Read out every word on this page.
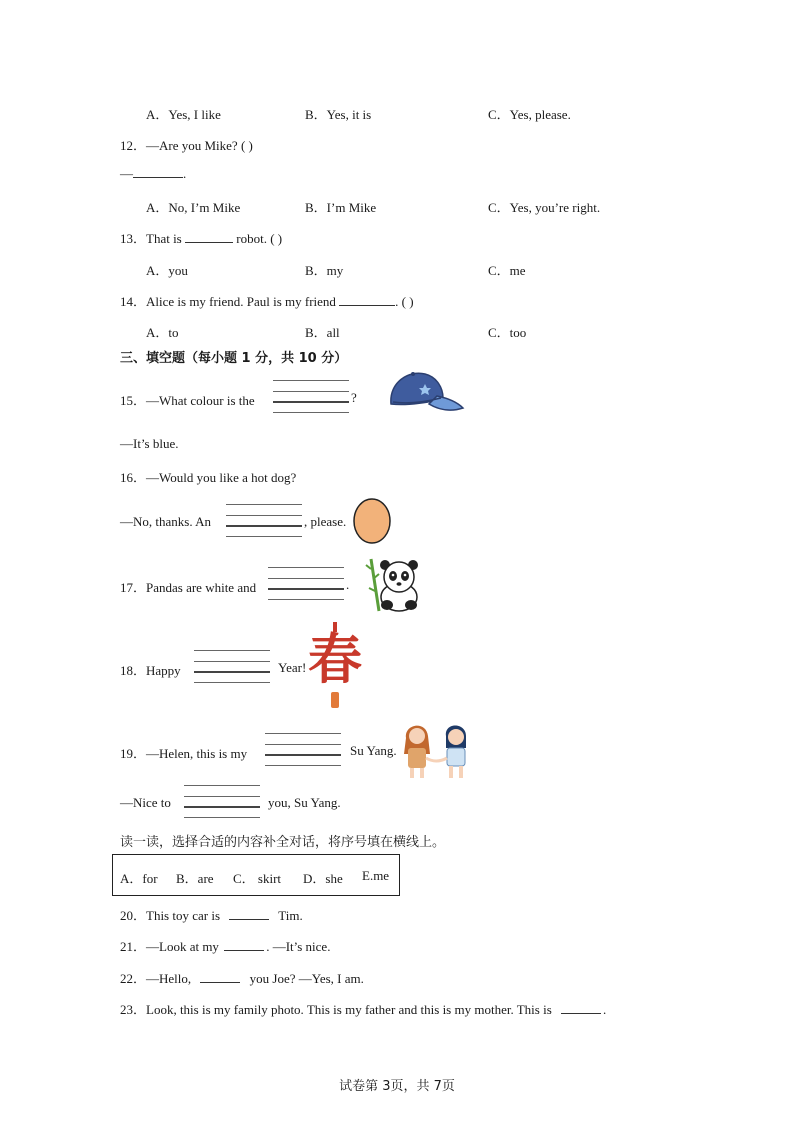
A．Yes, I like	B．Yes, it is	C．Yes, please.
12．—Are you Mike? ( )
—	.
A．No, I’m Mike	B．I’m Mike	C．Yes, you’re right.
13．That is	robot. ( )
A．you	B．my	C．me
14．Alice is my friend. Paul is my friend	. ( )
A．to	B．all	C．too
三、填空题（每小题 1 分，共 10 分）
15．—What colour is the	?
—It’s blue.
16．—Would you like a hot dog?
—No, thanks. An	, please.
17．Pandas are white and	.
18．Happy	Year! 春
19．—Helen, this is my	Su Yang.
—Nice to	you, Su Yang.
读一读，选择合适的内容补全对话，将序号填在横线上。
A．for B．are C． skirt D．she E.me
20．This toy car is	Tim.
21．—Look at my	. —It’s nice.
22．—Hello,	you Joe? —Yes, I am.
23．Look, this is my family photo. This is my father and this is my mother. This is	.
试卷第 3页，共 7页
